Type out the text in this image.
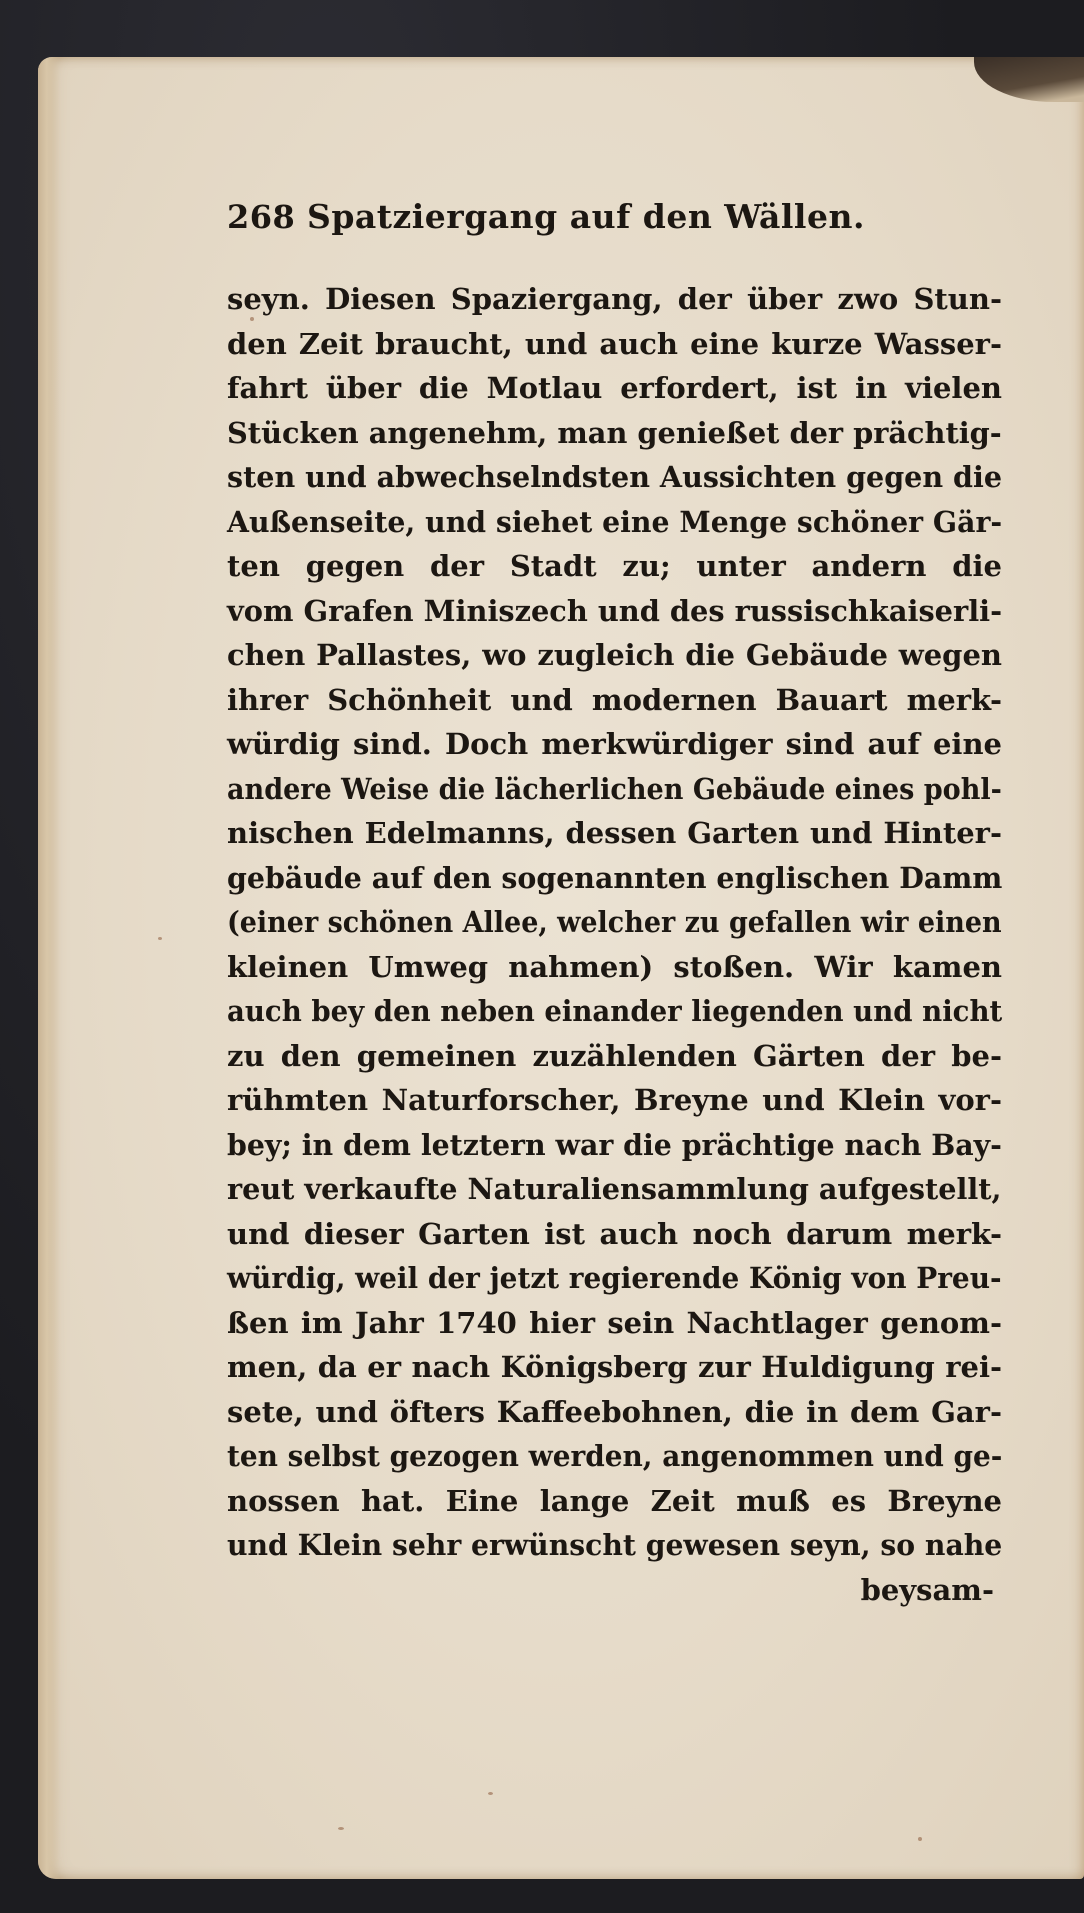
268 Spatziergang auf den Wällen.
seyn. Diesen Spaziergang, der über zwo Stun-
den Zeit braucht, und auch eine kurze Wasser-
fahrt über die Motlau erfordert, ist in vielen
Stücken angenehm, man genießet der prächtig-
sten und abwechselndsten Aussichten gegen die
Außenseite, und siehet eine Menge schöner Gär-
ten gegen der Stadt zu; unter andern die
vom Grafen Miniszech und des russischkaiserli-
chen Pallastes, wo zugleich die Gebäude wegen
ihrer Schönheit und modernen Bauart merk-
würdig sind. Doch merkwürdiger sind auf eine
andere Weise die lächerlichen Gebäude eines pohl-
nischen Edelmanns, dessen Garten und Hinter-
gebäude auf den sogenannten englischen Damm
(einer schönen Allee, welcher zu gefallen wir einen
kleinen Umweg nahmen) stoßen. Wir kamen
auch bey den neben einander liegenden und nicht
zu den gemeinen zuzählenden Gärten der be-
rühmten Naturforscher, Breyne und Klein vor-
bey; in dem letztern war die prächtige nach Bay-
reut verkaufte Naturaliensammlung aufgestellt,
und dieser Garten ist auch noch darum merk-
würdig, weil der jetzt regierende König von Preu-
ßen im Jahr 1740 hier sein Nachtlager genom-
men, da er nach Königsberg zur Huldigung rei-
sete, und öfters Kaffeebohnen, die in dem Gar-
ten selbst gezogen werden, angenommen und ge-
nossen hat. Eine lange Zeit muß es Breyne
und Klein sehr erwünscht gewesen seyn, so nahe
beysam-
